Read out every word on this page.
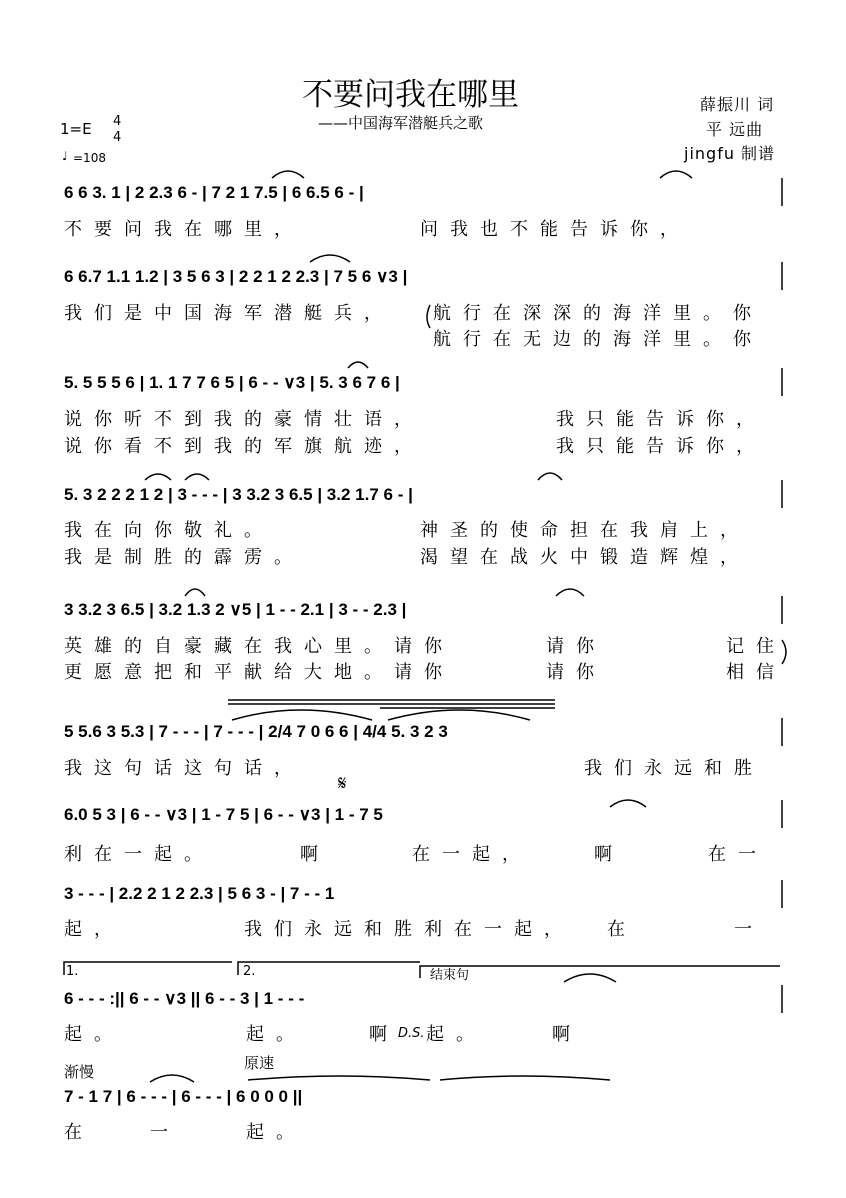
不要问我在哪里
——中国海军潜艇兵之歌
薛振川 词
平 远曲
jingfu 制谱
1=E 4
4
♩ =108
6 6 3. 1 | 2 2.3 6 - | 7 2 1 7.5 | 6 6.5 6 - |
不要问我在哪里，	问我也不能告诉你，
6 6.7 1.1 1.2 | 3 5 6 3 | 2 2 1 2 2.3 | 7 5 6 ∨3 |
我们是中国海军潜艇兵， 航行在深深的海洋里。你
航行在无边的海洋里。你
5. 5 5 5 6 | 1. 1 7 7 6 5 | 6 - - ∨3 | 5. 3 6 7 6 |
说你听不到我的豪情壮语，	我只能告诉你，
说你看不到我的军旗航迹，	我只能告诉你，
5. 3 2 2 2 1 2 | 3 - - - | 3 3.2 3 6.5 | 3.2 1.7 6 - |
我在向你敬礼。	神圣的使命担在我肩上，
我是制胜的霹雳。	渴望在战火中锻造辉煌，
3 3.2 3 6.5 | 3.2 1.3 2 ∨5 | 1 - - 2.1 | 3 - - 2.3 |
英雄的自豪藏在我心里。请你	请你	记住
更愿意把和平献给大地。请你	请你	相信
5 5.6 3 5.3 | 7 - - - | 7 - - - | 2/4 7 0 6 6 | 4/4 5. 3 2 3
我这句话这句话，	我们永远和胜
6.0 5 3 | 6 - - ∨3 | 1 - 7 5 | 6 - - ∨3 | 1 - 7 5
利在一起。	啊	在一起，	啊	在一
3 - - - | 2.2 2 1 2 2.3 | 5 6 3 - | 7 - - 1
起，	我们永远和胜利在一起， 在	一
1.	2.	结束句
6 - - - :|| 6 - - ∨3 || 6 - - 3 | 1 - - -
起。	起。	啊 D.S. 起。	啊
渐慢	原速
7 - 1 7 | 6 - - - | 6 - - - | 6 0 0 0 ||
在	一	起。
𝄋
